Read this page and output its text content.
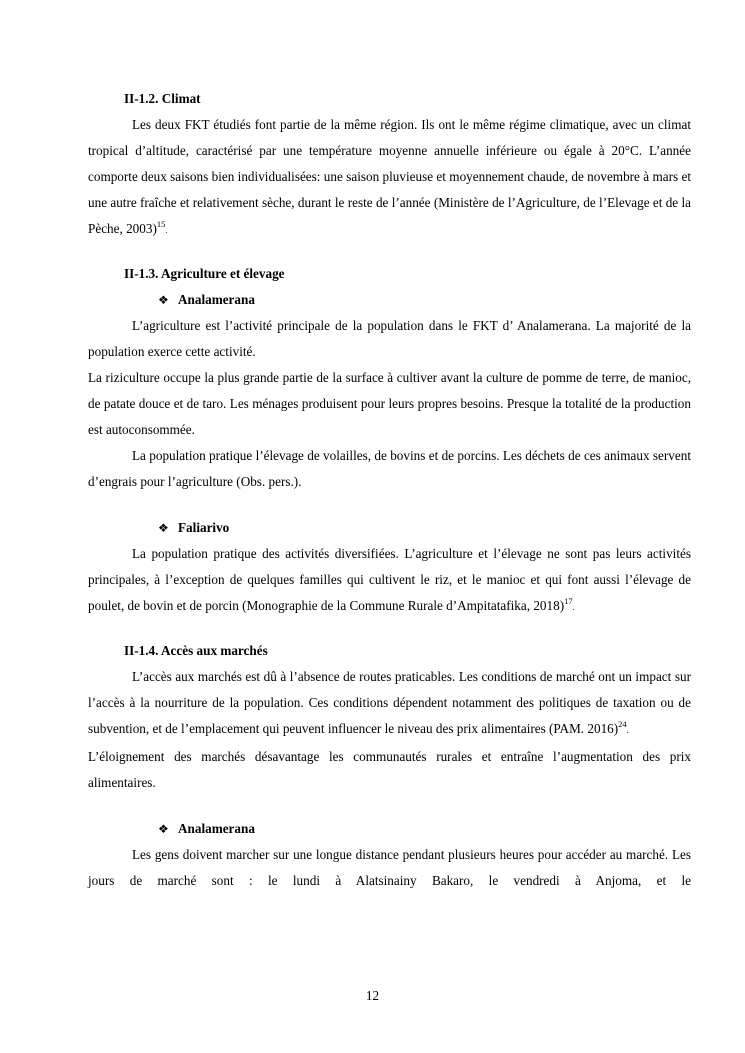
II-1.2. Climat

Les deux FKT étudiés font partie de la même région. Ils ont le même régime climatique, avec un climat tropical d’altitude, caractérisé par une température moyenne annuelle inférieure ou égale à 20°C. L’année comporte deux saisons bien individualisées: une saison pluvieuse et moyennement chaude, de novembre à mars et une autre fraîche et relativement sèche, durant le reste de l’année (Ministère de l’Agriculture, de l’Elevage et de la Pèche, 2003)$^{15}$.

II-1.3. Agriculture et élevage
❖ Analamerana

L’agriculture est l’activité principale de la population dans le FKT d’ Analamerana. La majorité de la population exerce cette activité.

La riziculture occupe la plus grande partie de la surface à cultiver avant la culture de pomme de terre, de manioc, de patate douce et de taro. Les ménages produisent pour leurs propres besoins. Presque la totalité de la production est autoconsommée.

La population pratique l’élevage de volailles, de bovins et de porcins. Les déchets de ces animaux servent d’engrais pour l’agriculture (Obs. pers.).

❖ Faliarivo

La population pratique des activités diversifiées. L’agriculture et l’élevage ne sont pas leurs activités principales, à l’exception de quelques familles qui cultivent le riz, et le manioc et qui font aussi l’élevage de poulet, de bovin et de porcin (Monographie de la Commune Rurale d’Ampitatafika, 2018)$^{17}$.

II-1.4. Accès aux marchés

L’accès aux marchés est dû à l’absence de routes praticables. Les conditions de marché ont un impact sur l’accès à la nourriture de la population. Ces conditions dépendent notamment des politiques de taxation ou de subvention, et de l’emplacement qui peuvent influencer le niveau des prix alimentaires (PAM. 2016)$^{24}$.

L’éloignement des marchés désavantage les communautés rurales et entraîne l’augmentation des prix alimentaires.

❖ Analamerana

Les gens doivent marcher sur une longue distance pendant plusieurs heures pour accéder au marché. Les jours de marché sont : le lundi à Alatsinainy Bakaro, le vendredi à Anjoma, et le

12
